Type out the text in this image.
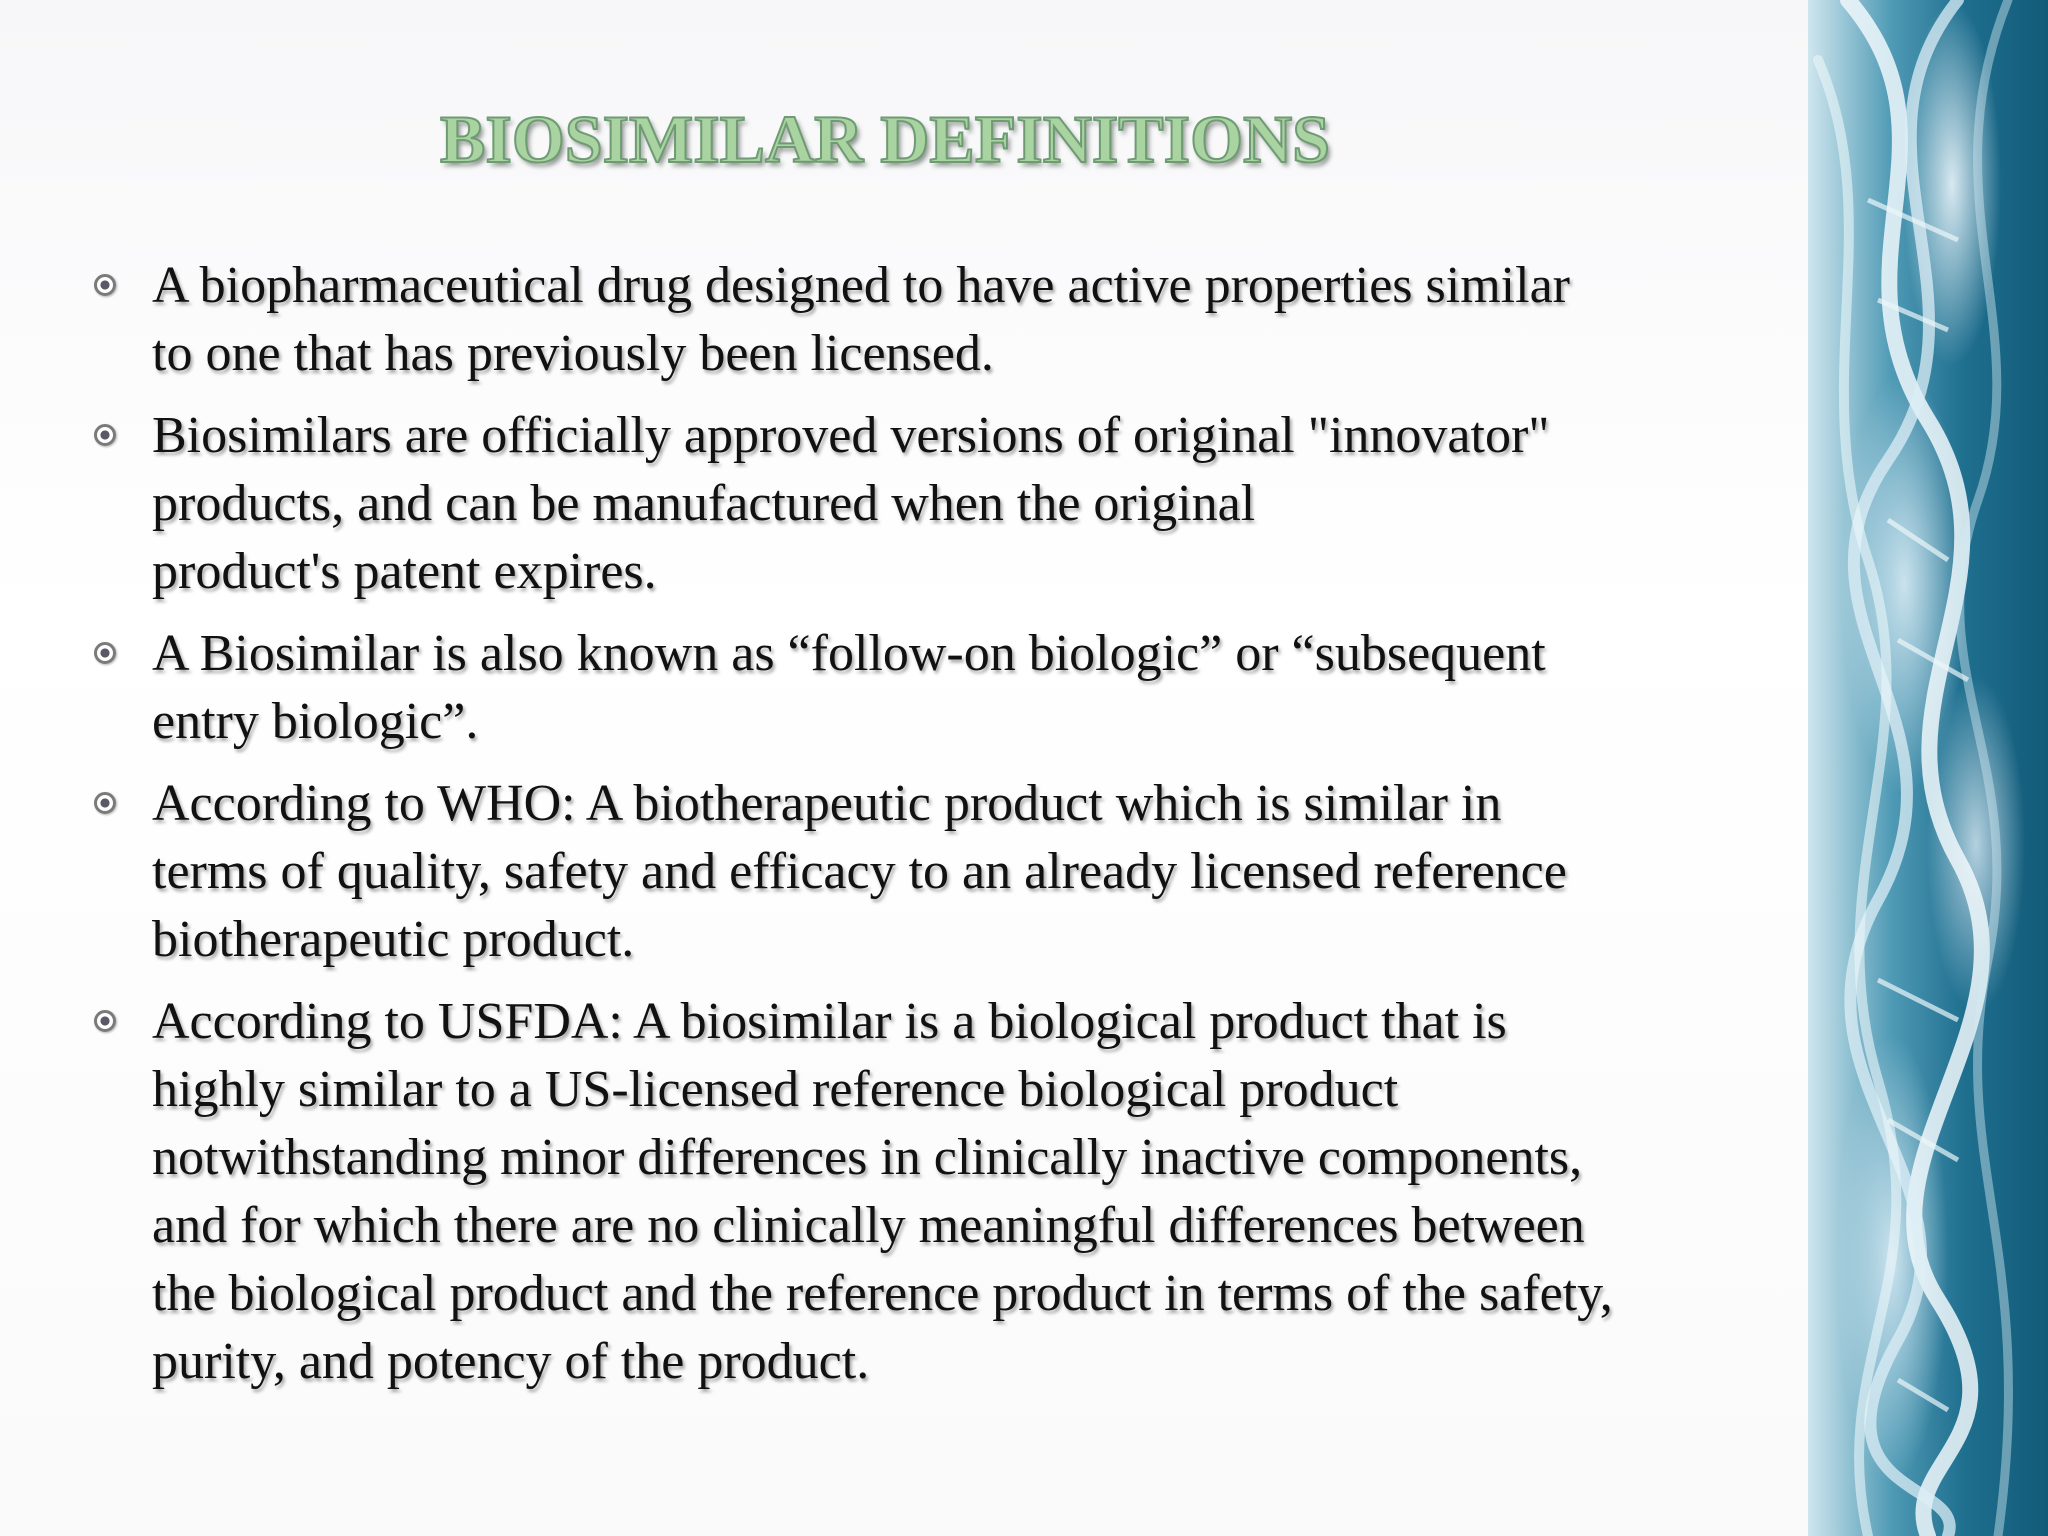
BIOSIMILAR DEFINITIONS
A biopharmaceutical drug designed to have active properties similar
to one that has previously been licensed.
Biosimilars are officially approved versions of original "innovator"
products, and can be manufactured when the original
product's patent expires.
A Biosimilar is also known as “follow-on biologic” or “subsequent
entry biologic”.
According to WHO: A biotherapeutic product which is similar in
terms of quality, safety and efficacy to an already licensed reference
biotherapeutic product.
According to USFDA: A biosimilar is a biological product that is
highly similar to a US-licensed reference biological product
notwithstanding minor differences in clinically inactive components,
and for which there are no clinically meaningful differences between
the biological product and the reference product in terms of the safety,
purity, and potency of the product.
